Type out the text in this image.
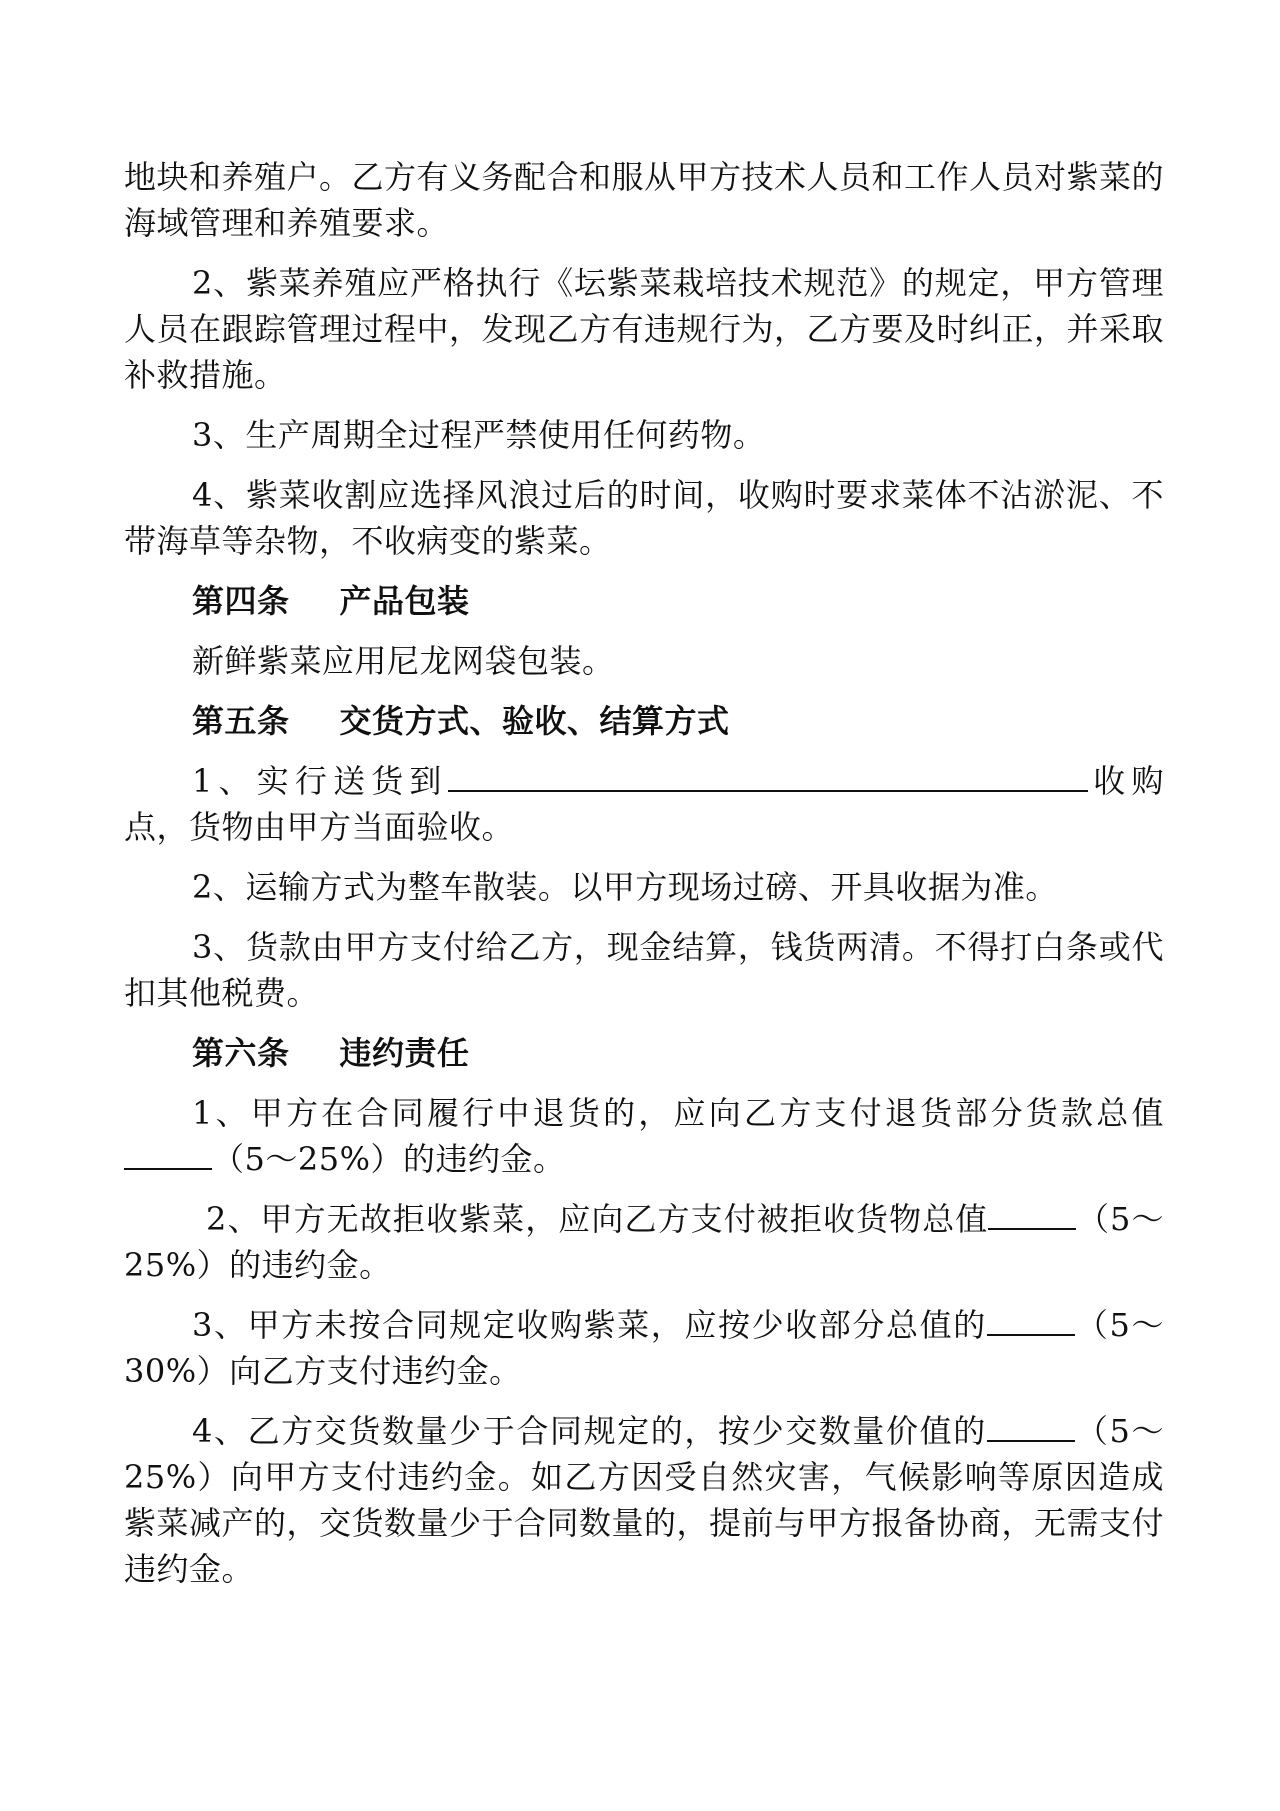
地块和养殖户。乙方有义务配合和服从甲方技术人员和工作人员对紫菜的海域管理和养殖要求。

2、紫菜养殖应严格执行《坛紫菜栽培技术规范》的规定，甲方管理人员在跟踪管理过程中，发现乙方有违规行为，乙方要及时纠正，并采取补救措施。

3、生产周期全过程严禁使用任何药物。

4、紫菜收割应选择风浪过后的时间，收购时要求菜体不沾淤泥、不带海草等杂物，不收病变的紫菜。

第四条 产品包装

新鲜紫菜应用尼龙网袋包装。

第五条 交货方式、验收、结算方式

1、实行送货到	收购点，货物由甲方当面验收。

2、运输方式为整车散装。以甲方现场过磅、开具收据为准。

3、货款由甲方支付给乙方，现金结算，钱货两清。不得打白条或代扣其他税费。

第六条 违约责任

1、甲方在合同履行中退货的，应向乙方支付退货部分货款总值（5～25%）的违约金。

2、甲方无故拒收紫菜，应向乙方支付被拒收货物总值	（5～25%）的违约金。

3、甲方未按合同规定收购紫菜，应按少收部分总值的	（5～30%）向乙方支付违约金。

4、乙方交货数量少于合同规定的，按少交数量价值的	（5～25%）向甲方支付违约金。如乙方因受自然灾害，气候影响等原因造成紫菜减产的，交货数量少于合同数量的，提前与甲方报备协商，无需支付违约金。
